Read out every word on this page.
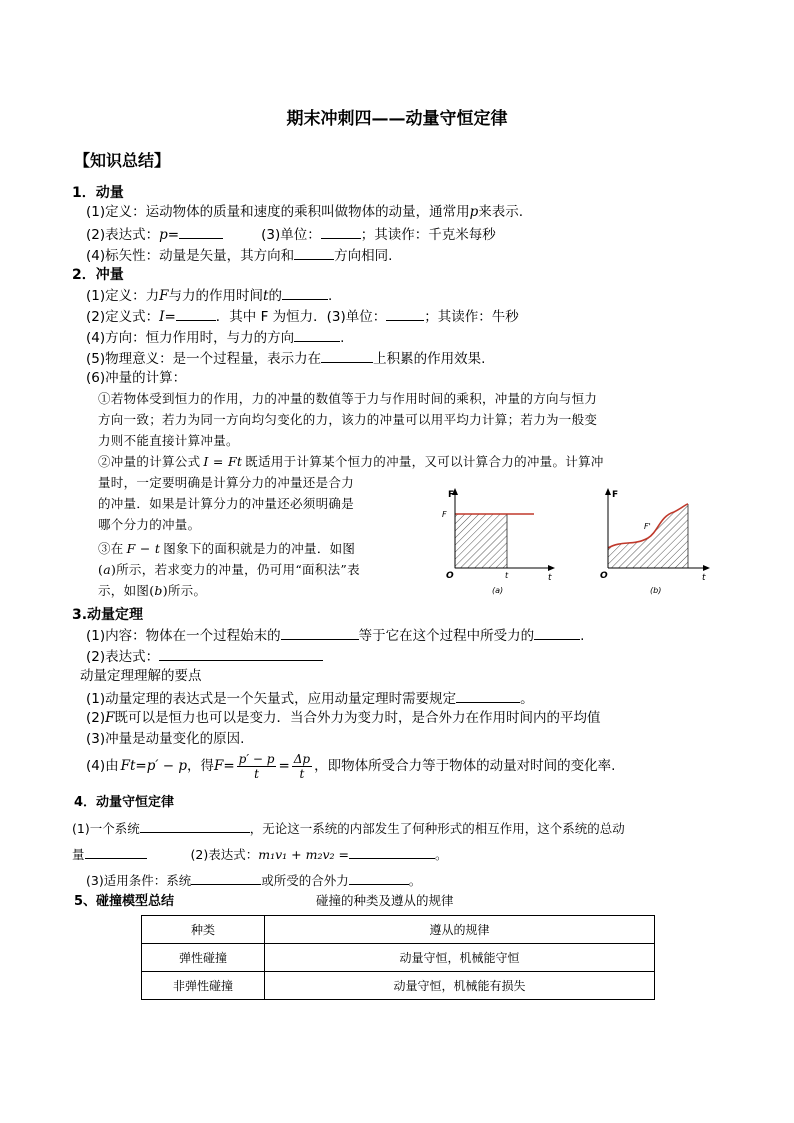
期末冲刺四——动量守恒定律
【知识总结】
1．动量
(1)定义：运动物体的质量和速度的乘积叫做物体的动量，通常用p来表示.
(2)表达式：p=	(3)单位：	；其读作：千克米每秒
(4)标矢性：动量是矢量，其方向和	方向相同.
2．冲量
(1)定义：力F与力的作用时间t的	.
(2)定义式：I=	．其中 F 为恒力．(3)单位：	；其读作：牛秒
(4)方向：恒力作用时，与力的方向	.
(5)物理意义：是一个过程量，表示力在	上积累的作用效果.
(6)冲量的计算：
①若物体受到恒力的作用，力的冲量的数值等于力与作用时间的乘积，冲量的方向与恒力
方向一致；若力为同一方向均匀变化的力，该力的冲量可以用平均力计算；若力为一般变
力则不能直接计算冲量。
②冲量的计算公式 I = Ft 既适用于计算某个恒力的冲量，又可以计算合力的冲量。计算冲
量时，一定要明确是计算分力的冲量还是合力
的冲量．如果是计算分力的冲量还必须明确是
哪个分力的冲量。
③在 F − t 图象下的面积就是力的冲量．如图
(a)所示，若求变力的冲量，仍可用“面积法”表
示，如图(b)所示。
F
F
O	t	t
(a)
F
F'
O	t
(b)
3.动量定理
(1)内容：物体在一个过程始末的	等于它在这个过程中所受力的	.
(2)表达式：
动量定理理解的要点
(1)动量定理的表达式是一个矢量式，应用动量定理时需要规定	。
(2)F既可以是恒力也可以是变力．当合外力为变力时，是合外力在作用时间内的平均值
(3)冲量是动量变化的原因.
(4)由 Ft=p′ − p，得$F= \frac{p' - p}{t} = \frac{\Delta p}{t}$ ，即物体所受合力等于物体的动量对时间的变化率.
4．动量守恒定律
(1)一个系统	，无论这一系统的内部发生了何种形式的相互作用，这个系统的总动
量	(2)表达式：m₁v₁ + m₂v₂ =	。
(3)适用条件：系统	或所受的合外力	。
5、碰撞模型总结	碰撞的种类及遵从的规律
种类	遵从的规律
弹性碰撞	动量守恒，机械能守恒
非弹性碰撞	动量守恒，机械能有损失
